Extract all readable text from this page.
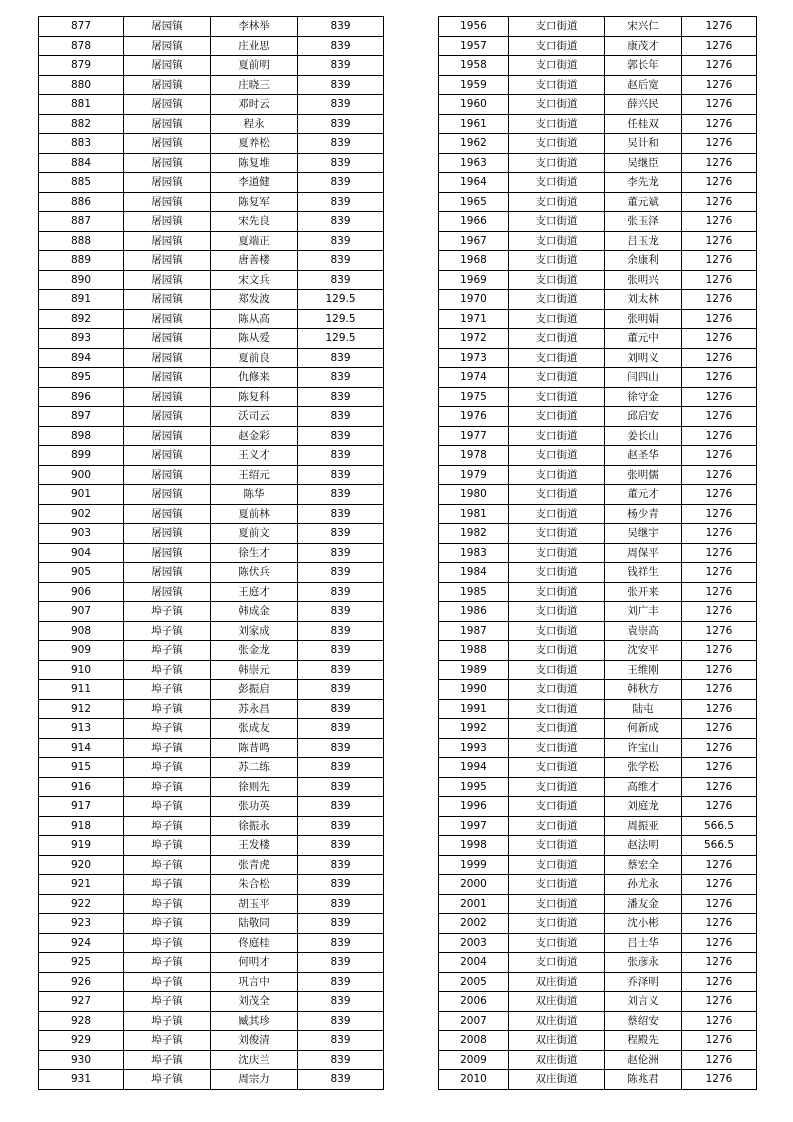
877	屠园镇	李林举	839
878	屠园镇	庄业思	839
879	屠园镇	夏前明	839
880	屠园镇	庄晓三	839
881	屠园镇	邓时云	839
882	屠园镇	程永	839
883	屠园镇	夏养松	839
884	屠园镇	陈复堆	839
885	屠园镇	李道健	839
886	屠园镇	陈复军	839
887	屠园镇	宋先良	839
888	屠园镇	夏端正	839
889	屠园镇	唐善楼	839
890	屠园镇	宋文兵	839
891	屠园镇	郑发波	129.5
892	屠园镇	陈从高	129.5
893	屠园镇	陈从爱	129.5
894	屠园镇	夏前良	839
895	屠园镇	仇修来	839
896	屠园镇	陈复科	839
897	屠园镇	沃司云	839
898	屠园镇	赵金彩	839
899	屠园镇	王义才	839
900	屠园镇	王绍元	839
901	屠园镇	陈华	839
902	屠园镇	夏前林	839
903	屠园镇	夏前文	839
904	屠园镇	徐生才	839
905	屠园镇	陈伏兵	839
906	屠园镇	王庭才	839
907	埠子镇	韩成金	839
908	埠子镇	刘家成	839
909	埠子镇	张金龙	839
910	埠子镇	韩崇元	839
911	埠子镇	彭振启	839
912	埠子镇	苏永昌	839
913	埠子镇	张成友	839
914	埠子镇	陈昔鸣	839
915	埠子镇	苏二练	839
916	埠子镇	徐则先	839
917	埠子镇	张功英	839
918	埠子镇	徐振永	839
919	埠子镇	王发楼	839
920	埠子镇	张青虎	839
921	埠子镇	朱合松	839
922	埠子镇	胡玉平	839
923	埠子镇	陆敬同	839
924	埠子镇	佟庭桂	839
925	埠子镇	何明才	839
926	埠子镇	巩言中	839
927	埠子镇	刘茂全	839
928	埠子镇	臧其珍	839
929	埠子镇	刘俊清	839
930	埠子镇	沈庆兰	839
931	埠子镇	周宗力	839
1956	支口街道	宋兴仁	1276
1957	支口街道	康茂才	1276
1958	支口街道	郭长年	1276
1959	支口街道	赵后宽	1276
1960	支口街道	薛兴民	1276
1961	支口街道	任桂双	1276
1962	支口街道	吴计和	1276
1963	支口街道	吴继臣	1276
1964	支口街道	李先龙	1276
1965	支口街道	董元斌	1276
1966	支口街道	张玉泽	1276
1967	支口街道	吕玉龙	1276
1968	支口街道	余康利	1276
1969	支口街道	张明兴	1276
1970	支口街道	刘太林	1276
1971	支口街道	张明娟	1276
1972	支口街道	董元中	1276
1973	支口街道	刘明义	1276
1974	支口街道	闫四山	1276
1975	支口街道	徐守金	1276
1976	支口街道	邱启安	1276
1977	支口街道	姜长山	1276
1978	支口街道	赵圣华	1276
1979	支口街道	张明儒	1276
1980	支口街道	董元才	1276
1981	支口街道	杨少青	1276
1982	支口街道	吴继宇	1276
1983	支口街道	周保平	1276
1984	支口街道	钱祥生	1276
1985	支口街道	张开来	1276
1986	支口街道	刘广丰	1276
1987	支口街道	袁崇高	1276
1988	支口街道	沈安平	1276
1989	支口街道	王维刚	1276
1990	支口街道	韩秋方	1276
1991	支口街道	陆屯	1276
1992	支口街道	何新成	1276
1993	支口街道	许宝山	1276
1994	支口街道	张学松	1276
1995	支口街道	高维才	1276
1996	支口街道	刘庭龙	1276
1997	支口街道	周振亚	566.5
1998	支口街道	赵法明	566.5
1999	支口街道	蔡宏全	1276
2000	支口街道	孙尤永	1276
2001	支口街道	潘友金	1276
2002	支口街道	沈小彬	1276
2003	支口街道	吕士华	1276
2004	支口街道	张彦永	1276
2005	双庄街道	乔泽明	1276
2006	双庄街道	刘言义	1276
2007	双庄街道	蔡绍安	1276
2008	双庄街道	程殿先	1276
2009	双庄街道	赵伦洲	1276
2010	双庄街道	陈兆君	1276
